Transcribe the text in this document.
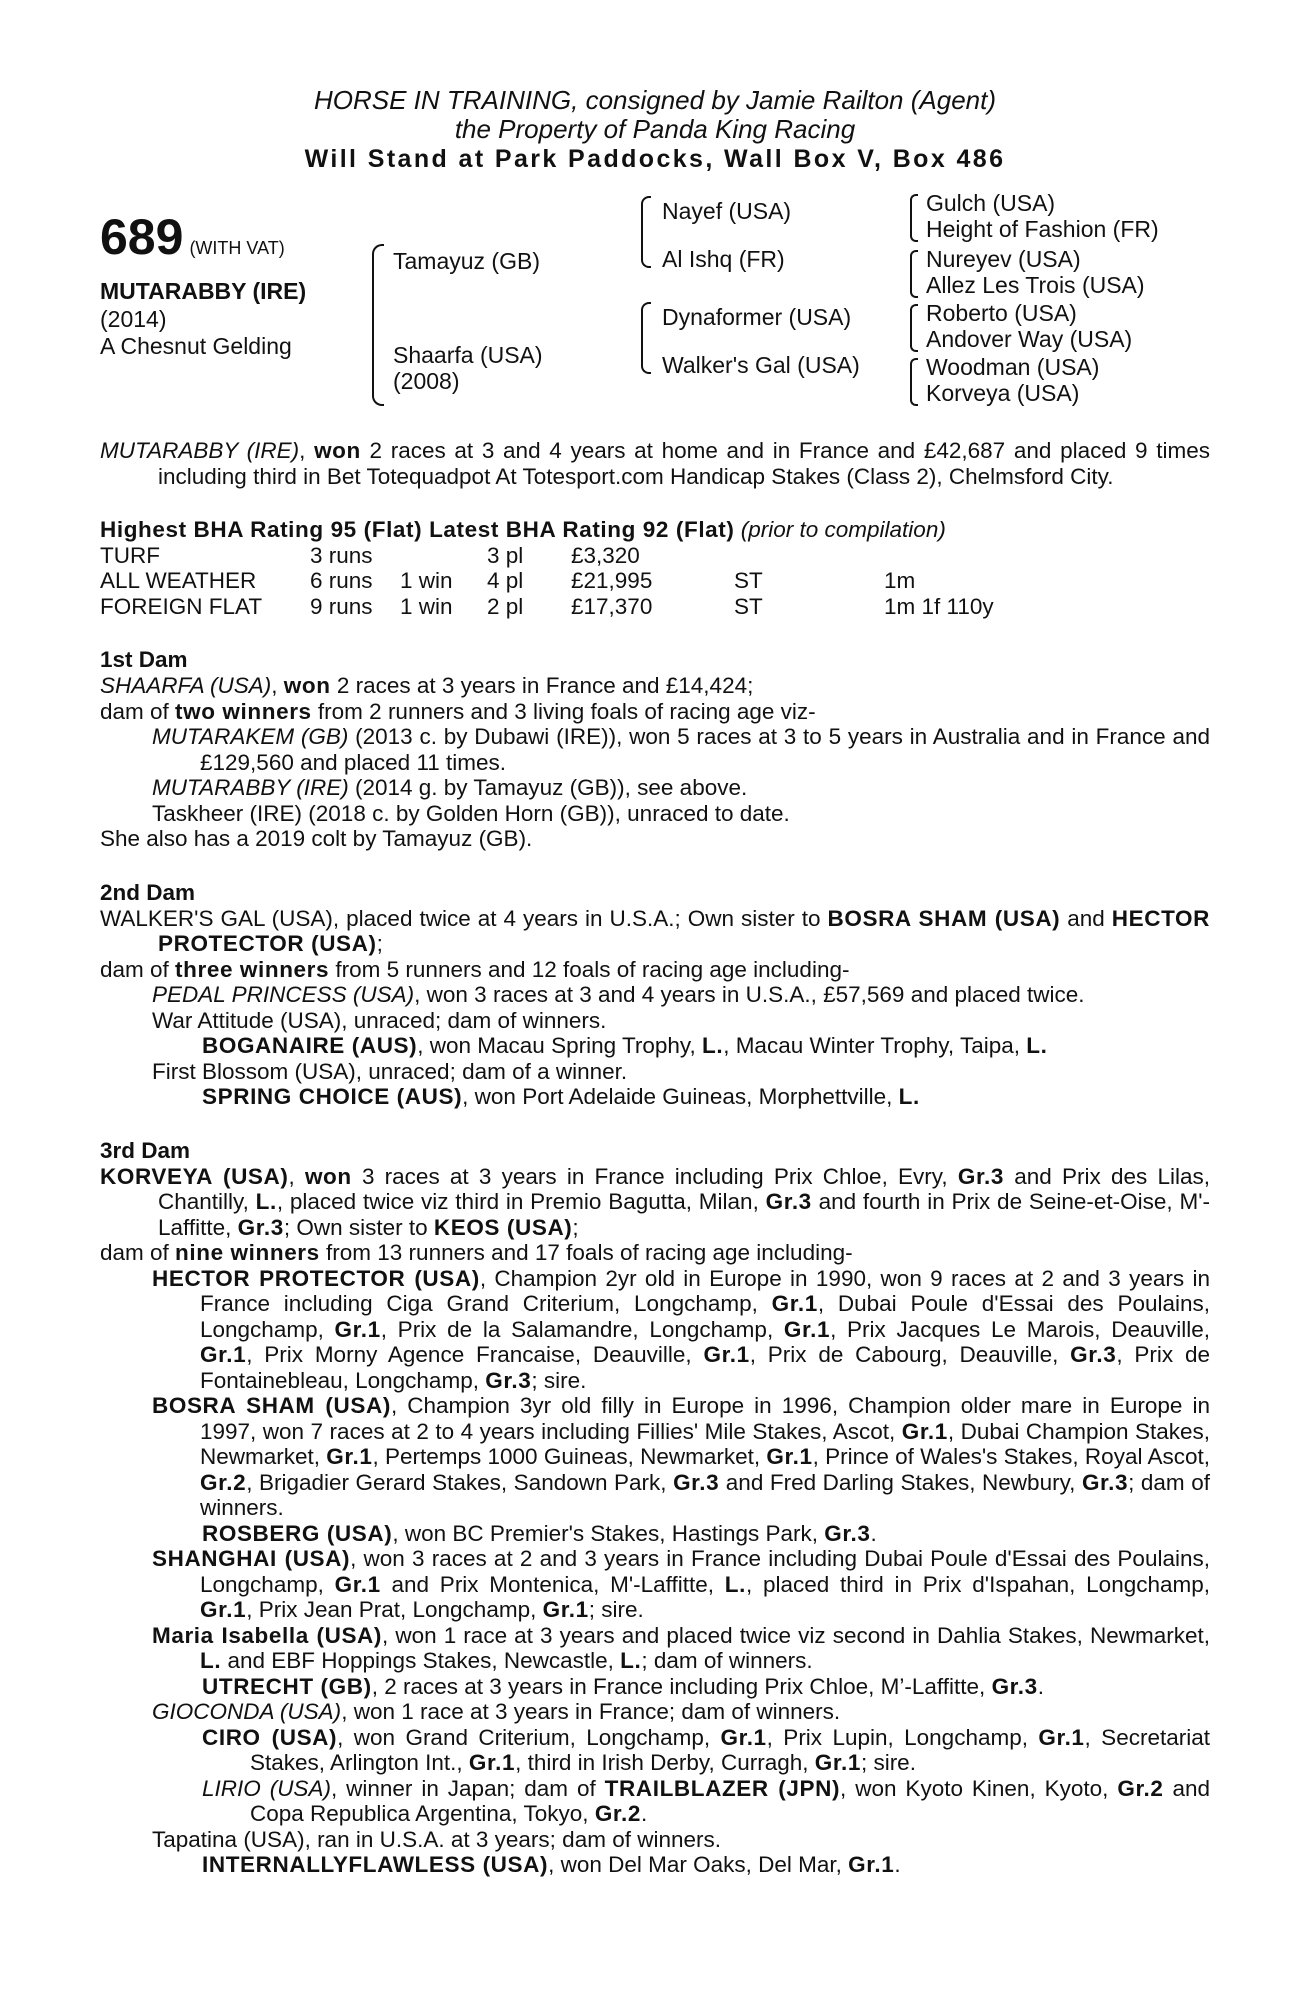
HORSE IN TRAINING, consigned by Jamie Railton (Agent)
the Property of Panda King Racing
Will Stand at Park Paddocks, Wall Box V, Box 486
689 (WITH VAT)
MUTARABBY (IRE)
(2014)
A Chesnut Gelding
Tamayuz (GB)
Shaarfa (USA)
(2008)
Nayef (USA)
Al Ishq (FR)
Dynaformer (USA)
Walker's Gal (USA)
Gulch (USA)
Height of Fashion (FR)
Nureyev (USA)
Allez Les Trois (USA)
Roberto (USA)
Andover Way (USA)
Woodman (USA)
Korveya (USA)

MUTARABBY (IRE), won 2 races at 3 and 4 years at home and in France and £42,687 and placed 9 times including third in Bet Totequadpot At Totesport.com Handicap Stakes (Class 2), Chelmsford City.

Highest BHA Rating 95 (Flat) Latest BHA Rating 92 (Flat) (prior to compilation)
TURF	3 runs		3 pl	£3,320		
ALL WEATHER	6 runs	1 win	4 pl	£21,995	ST	1m
FOREIGN FLAT	9 runs	1 win	2 pl	£17,370	ST	1m 1f 110y
1st Dam

SHAARFA (USA), won 2 races at 3 years in France and £14,424;

dam of two winners from 2 runners and 3 living foals of racing age viz-

MUTARAKEM (GB) (2013 c. by Dubawi (IRE)), won 5 races at 3 to 5 years in Australia and in France and £129,560 and placed 11 times.

MUTARABBY (IRE) (2014 g. by Tamayuz (GB)), see above.

Taskheer (IRE) (2018 c. by Golden Horn (GB)), unraced to date.

She also has a 2019 colt by Tamayuz (GB).

2nd Dam

WALKER'S GAL (USA), placed twice at 4 years in U.S.A.; Own sister to BOSRA SHAM (USA) and HECTOR PROTECTOR (USA);

dam of three winners from 5 runners and 12 foals of racing age including-

PEDAL PRINCESS (USA), won 3 races at 3 and 4 years in U.S.A., £57,569 and placed twice.

War Attitude (USA), unraced; dam of winners.

BOGANAIRE (AUS), won Macau Spring Trophy, L., Macau Winter Trophy, Taipa, L.

First Blossom (USA), unraced; dam of a winner.

SPRING CHOICE (AUS), won Port Adelaide Guineas, Morphettville, L.

3rd Dam

KORVEYA (USA), won 3 races at 3 years in France including Prix Chloe, Evry, Gr.3 and Prix des Lilas, Chantilly, L., placed twice viz third in Premio Bagutta, Milan, Gr.3 and fourth in Prix de Seine-et-Oise, M'-Laffitte, Gr.3; Own sister to KEOS (USA);

dam of nine winners from 13 runners and 17 foals of racing age including-

HECTOR PROTECTOR (USA), Champion 2yr old in Europe in 1990, won 9 races at 2 and 3 years in France including Ciga Grand Criterium, Longchamp, Gr.1, Dubai Poule d'Essai des Poulains, Longchamp, Gr.1, Prix de la Salamandre, Longchamp, Gr.1, Prix Jacques Le Marois, Deauville, Gr.1, Prix Morny Agence Francaise, Deauville, Gr.1, Prix de Cabourg, Deauville, Gr.3, Prix de Fontainebleau, Longchamp, Gr.3; sire.

BOSRA SHAM (USA), Champion 3yr old filly in Europe in 1996, Champion older mare in Europe in 1997, won 7 races at 2 to 4 years including Fillies' Mile Stakes, Ascot, Gr.1, Dubai Champion Stakes, Newmarket, Gr.1, Pertemps 1000 Guineas, Newmarket, Gr.1, Prince of Wales's Stakes, Royal Ascot, Gr.2, Brigadier Gerard Stakes, Sandown Park, Gr.3 and Fred Darling Stakes, Newbury, Gr.3; dam of winners.

ROSBERG (USA), won BC Premier's Stakes, Hastings Park, Gr.3.

SHANGHAI (USA), won 3 races at 2 and 3 years in France including Dubai Poule d'Essai des Poulains, Longchamp, Gr.1 and Prix Montenica, M'-Laffitte, L., placed third in Prix d'Ispahan, Longchamp, Gr.1, Prix Jean Prat, Longchamp, Gr.1; sire.

Maria Isabella (USA), won 1 race at 3 years and placed twice viz second in Dahlia Stakes, Newmarket, L. and EBF Hoppings Stakes, Newcastle, L.; dam of winners.

UTRECHT (GB), 2 races at 3 years in France including Prix Chloe, M’-Laffitte, Gr.3.

GIOCONDA (USA), won 1 race at 3 years in France; dam of winners.

CIRO (USA), won Grand Criterium, Longchamp, Gr.1, Prix Lupin, Longchamp, Gr.1, Secretariat Stakes, Arlington Int., Gr.1, third in Irish Derby, Curragh, Gr.1; sire.

LIRIO (USA), winner in Japan; dam of TRAILBLAZER (JPN), won Kyoto Kinen, Kyoto, Gr.2 and Copa Republica Argentina, Tokyo, Gr.2.

Tapatina (USA), ran in U.S.A. at 3 years; dam of winners.

INTERNALLYFLAWLESS (USA), won Del Mar Oaks, Del Mar, Gr.1.
